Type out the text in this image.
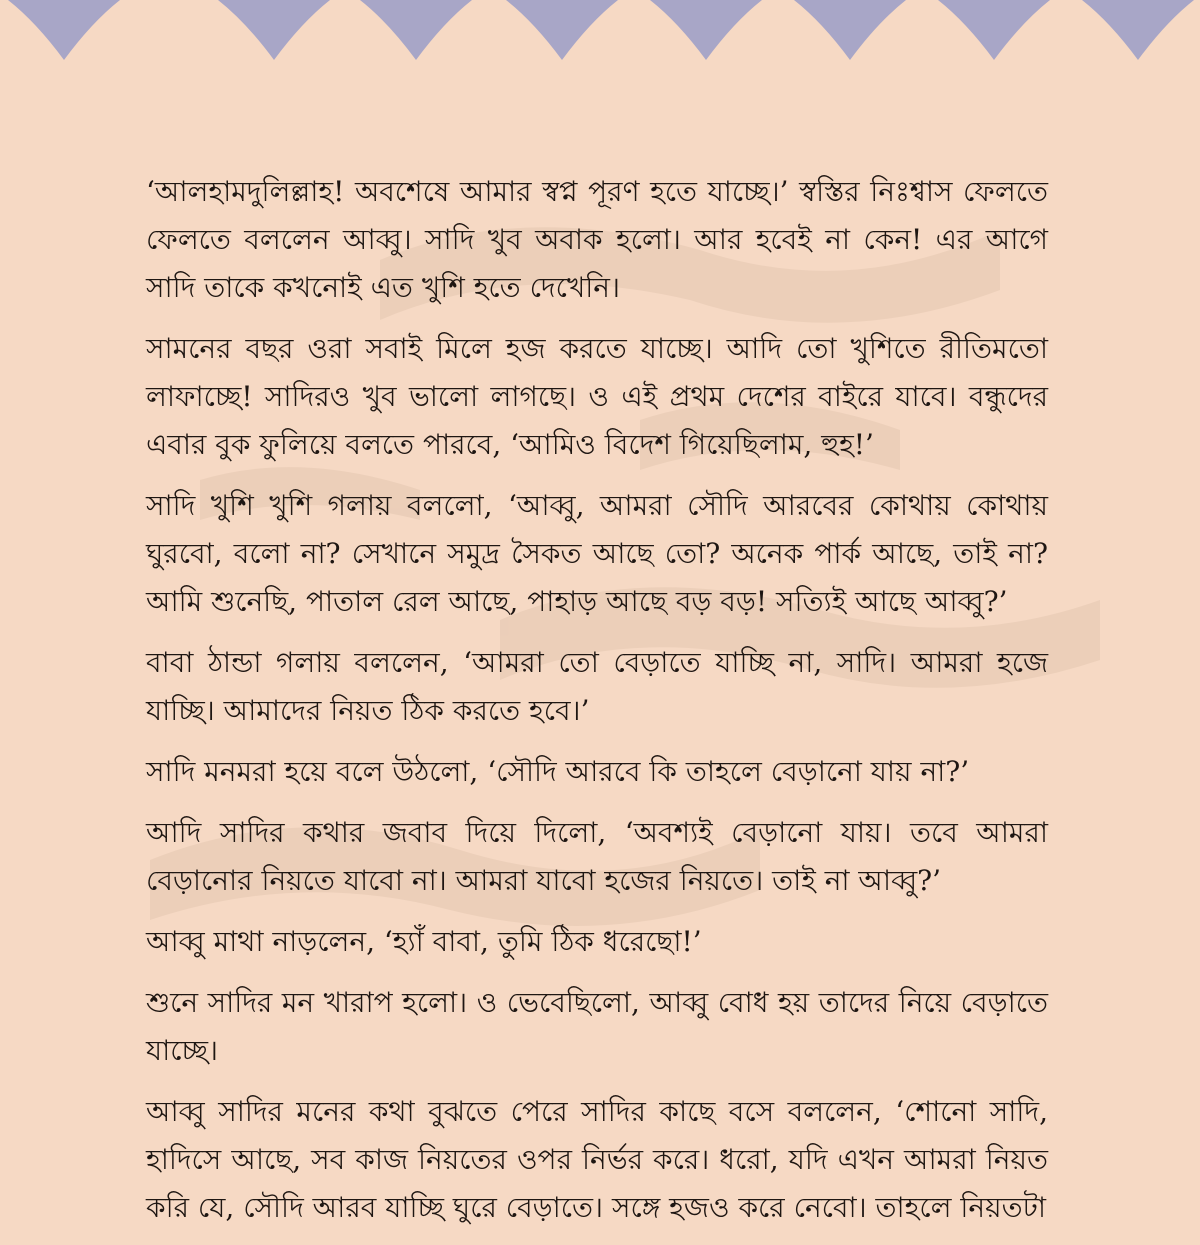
‘আলহামদুলিল্লাহ! অবশেষে আমার স্বপ্ন পূরণ হতে যাচ্ছে।’ স্বস্তির নিঃশ্বাস ফেলতে ফেলতে বললেন আব্বু। সাদি খুব অবাক হলো। আর হবেই না কেন! এর আগে সাদি তাকে কখনোই এত খুশি হতে দেখেনি।

সামনের বছর ওরা সবাই মিলে হজ করতে যাচ্ছে। আদি তো খুশিতে রীতিমতো লাফাচ্ছে! সাদিরও খুব ভালো লাগছে। ও এই প্রথম দেশের বাইরে যাবে। বন্ধুদের এবার বুক ফুলিয়ে বলতে পারবে, ‘আমিও বিদেশ গিয়েছিলাম, হুহ!’

সাদি খুশি খুশি গলায় বললো, ‘আব্বু, আমরা সৌদি আরবের কোথায় কোথায় ঘুরবো, বলো না? সেখানে সমুদ্র সৈকত আছে তো? অনেক পার্ক আছে, তাই না? আমি শুনেছি, পাতাল রেল আছে, পাহাড় আছে বড় বড়! সত্যিই আছে আব্বু?’

বাবা ঠান্ডা গলায় বললেন, ‘আমরা তো বেড়াতে যাচ্ছি না, সাদি। আমরা হজে যাচ্ছি। আমাদের নিয়ত ঠিক করতে হবে।’

সাদি মনমরা হয়ে বলে উঠলো, ‘সৌদি আরবে কি তাহলে বেড়ানো যায় না?’

আদি সাদির কথার জবাব দিয়ে দিলো, ‘অবশ্যই বেড়ানো যায়। তবে আমরা বেড়ানোর নিয়তে যাবো না। আমরা যাবো হজের নিয়তে। তাই না আব্বু?’

আব্বু মাথা নাড়লেন, ‘হ্যাঁ বাবা, তুমি ঠিক ধরেছো!’

শুনে সাদির মন খারাপ হলো। ও ভেবেছিলো, আব্বু বোধ হয় তাদের নিয়ে বেড়াতে যাচ্ছে।

আব্বু সাদির মনের কথা বুঝতে পেরে সাদির কাছে বসে বললেন, ‘শোনো সাদি, হাদিসে আছে, সব কাজ নিয়তের ওপর নির্ভর করে। ধরো, যদি এখন আমরা নিয়ত করি যে, সৌদি আরব যাচ্ছি ঘুরে বেড়াতে। সঙ্গে হজও করে নেবো। তাহলে নিয়তটা
